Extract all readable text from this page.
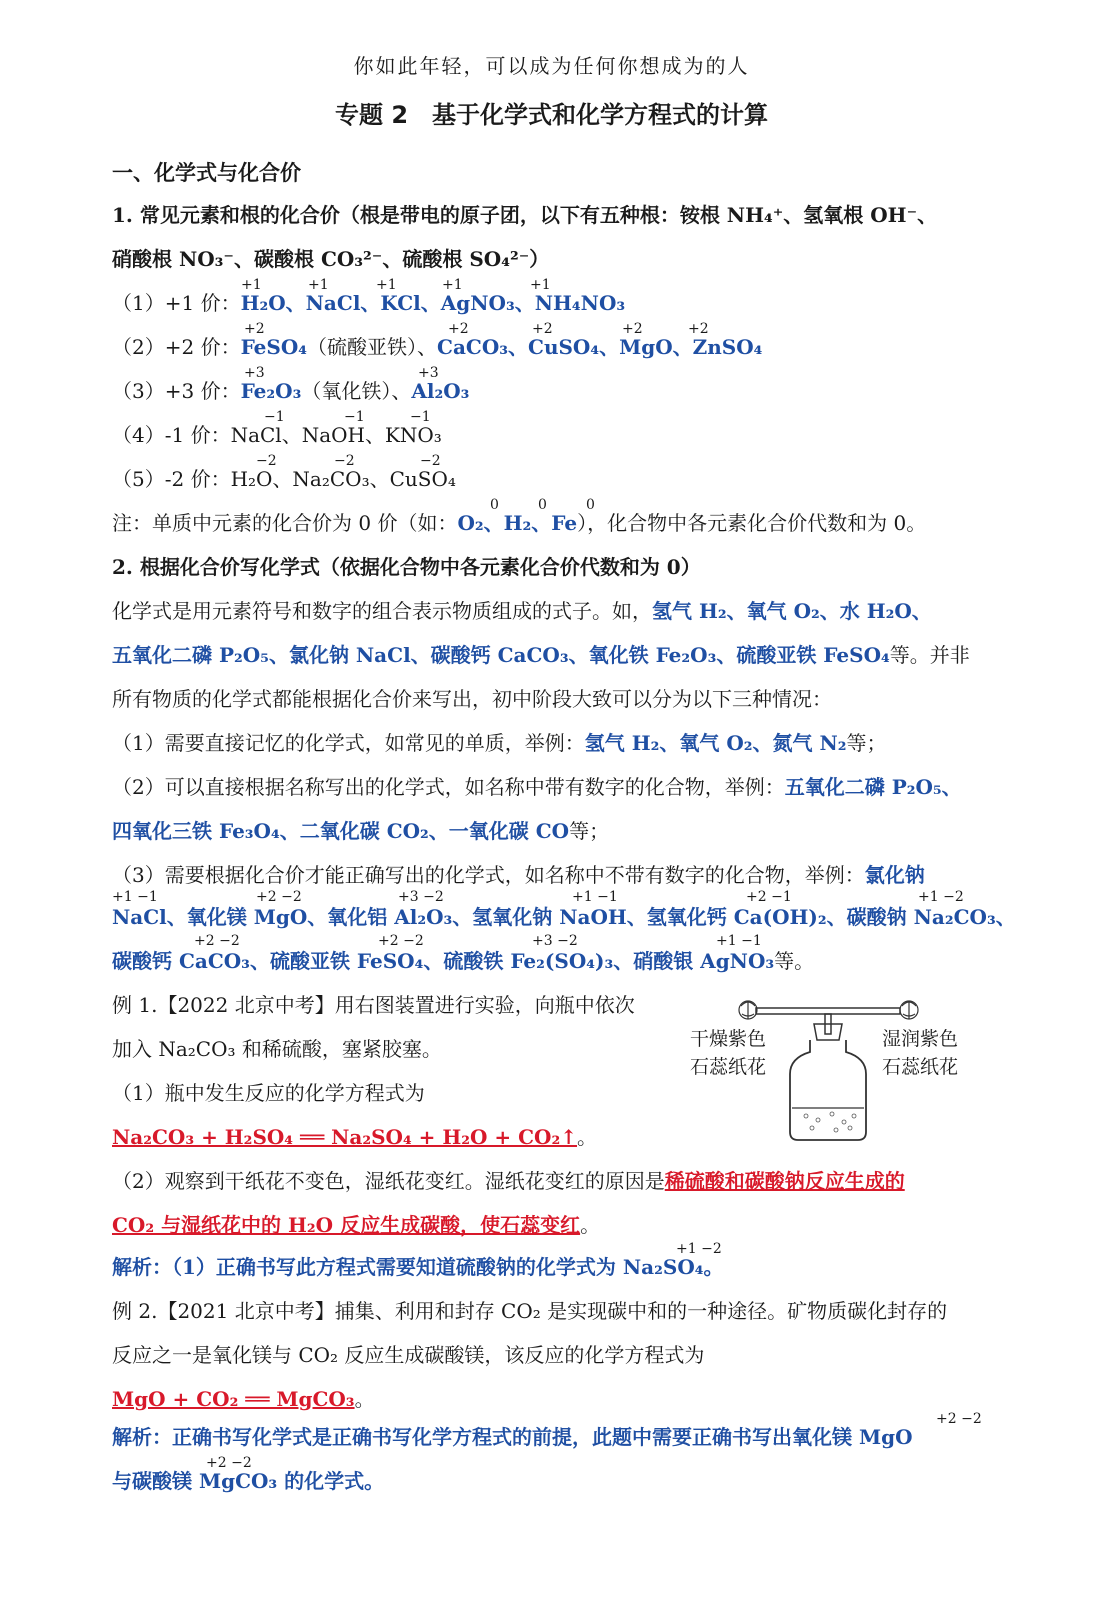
你如此年轻，可以成为任何你想成为的人
专题 2　基于化学式和化学方程式的计算
一、化学式与化合价
1. 常见元素和根的化合价（根是带电的原子团，以下有五种根：铵根 NH₄⁺、氢氧根 OH⁻、
硝酸根 NO₃⁻、碳酸根 CO₃²⁻、硫酸根 SO₄²⁻）
+1	+1	+1	+1	+1
（1）+1 价：H₂O、NaCl、KCl、AgNO₃、NH₄NO₃
+2	+2	+2	+2	+2
（2）+2 价：FeSO₄（硫酸亚铁）、CaCO₃、CuSO₄、MgO、ZnSO₄
+3	+3
（3）+3 价：Fe₂O₃（氧化铁）、Al₂O₃
−1	−1	−1
（4）-1 价：NaCl、NaOH、KNO₃
−2	−2	−2
（5）-2 价：H₂O、Na₂CO₃、CuSO₄
0	0	0
注：单质中元素的化合价为 0 价（如：O₂、H₂、Fe），化合物中各元素化合价代数和为 0。
2. 根据化合价写化学式（依据化合物中各元素化合价代数和为 0）
化学式是用元素符号和数字的组合表示物质组成的式子。如，氢气 H₂、氧气 O₂、水 H₂O、
五氧化二磷 P₂O₅、氯化钠 NaCl、碳酸钙 CaCO₃、氧化铁 Fe₂O₃、硫酸亚铁 FeSO₄等。并非
所有物质的化学式都能根据化合价来写出，初中阶段大致可以分为以下三种情况：
（1）需要直接记忆的化学式，如常见的单质，举例：氢气 H₂、氧气 O₂、氮气 N₂等；
（2）可以直接根据名称写出的化学式，如名称中带有数字的化合物，举例：五氧化二磷 P₂O₅、
四氧化三铁 Fe₃O₄、二氧化碳 CO₂、一氧化碳 CO等；
（3）需要根据化合价才能正确写出的化学式，如名称中不带有数字的化合物，举例：氯化钠
+1 −1	+2 −2	+3 −2	+1 −1	+2 −1	+1 −2
NaCl、氧化镁 MgO、氧化铝 Al₂O₃、氢氧化钠 NaOH、氢氧化钙 Ca(OH)₂、碳酸钠 Na₂CO₃、
+2 −2	+2 −2	+3 −2	+1 −1
碳酸钙 CaCO₃、硫酸亚铁 FeSO₄、硫酸铁 Fe₂(SO₄)₃、硝酸银 AgNO₃等。
例 1.【2022 北京中考】用右图装置进行实验，向瓶中依次
加入 Na₂CO₃ 和稀硫酸，塞紧胶塞。
（1）瓶中发生反应的化学方程式为
Na₂CO₃ + H₂SO₄ ══ Na₂SO₄ + H₂O + CO₂↑。
（2）观察到干纸花不变色，湿纸花变红。湿纸花变红的原因是稀硫酸和碳酸钠反应生成的
CO₂ 与湿纸花中的 H₂O 反应生成碳酸，使石蕊变红。
+1 −2
解析：（1）正确书写此方程式需要知道硫酸钠的化学式为 Na₂SO₄。
例 2.【2021 北京中考】捕集、利用和封存 CO₂ 是实现碳中和的一种途径。矿物质碳化封存的
反应之一是氧化镁与 CO₂ 反应生成碳酸镁，该反应的化学方程式为
MgO + CO₂ ══ MgCO₃。
+2 −2
解析：正确书写化学式是正确书写化学方程式的前提，此题中需要正确书写出氧化镁 MgO
+2 −2
与碳酸镁 MgCO₃ 的化学式。
干燥紫色
石蕊纸花
湿润紫色
石蕊纸花
